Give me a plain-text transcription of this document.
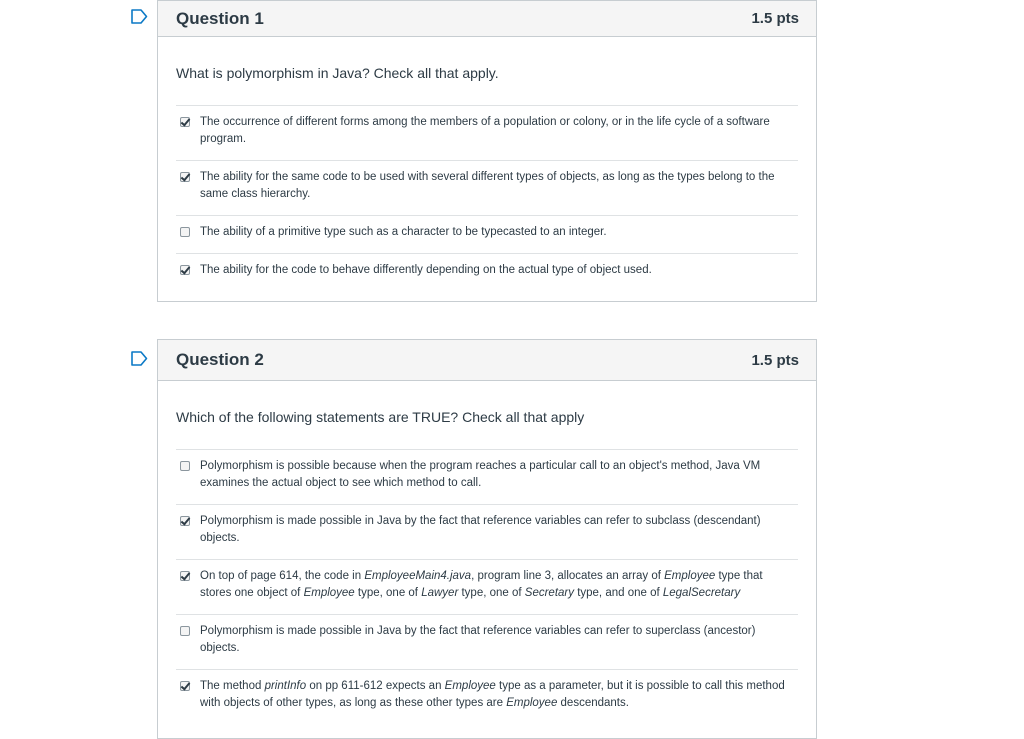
Question 1	1.5 pts

What is polymorphism in Java? Check all that apply.

The occurrence of different forms among the members of a population or colony, or in the life cycle of a software program.
The ability for the same code to be used with several different types of objects, as long as the types belong to the same class hierarchy.
The ability of a primitive type such as a character to be typecasted to an integer.
The ability for the code to behave differently depending on the actual type of object used.
Question 2	1.5 pts

Which of the following statements are TRUE? Check all that apply

Polymorphism is possible because when the program reaches a particular call to an object's method, Java VM examines the actual object to see which method to call.
Polymorphism is made possible in Java by the fact that reference variables can refer to subclass (descendant) objects.
On top of page 614, the code in EmployeeMain4.java, program line 3, allocates an array of Employee type that stores one object of Employee type, one of Lawyer type, one of Secretary type, and one of LegalSecretary
Polymorphism is made possible in Java by the fact that reference variables can refer to superclass (ancestor) objects.
The method printInfo on pp 611-612 expects an Employee type as a parameter, but it is possible to call this method with objects of other types, as long as these other types are Employee descendants.
